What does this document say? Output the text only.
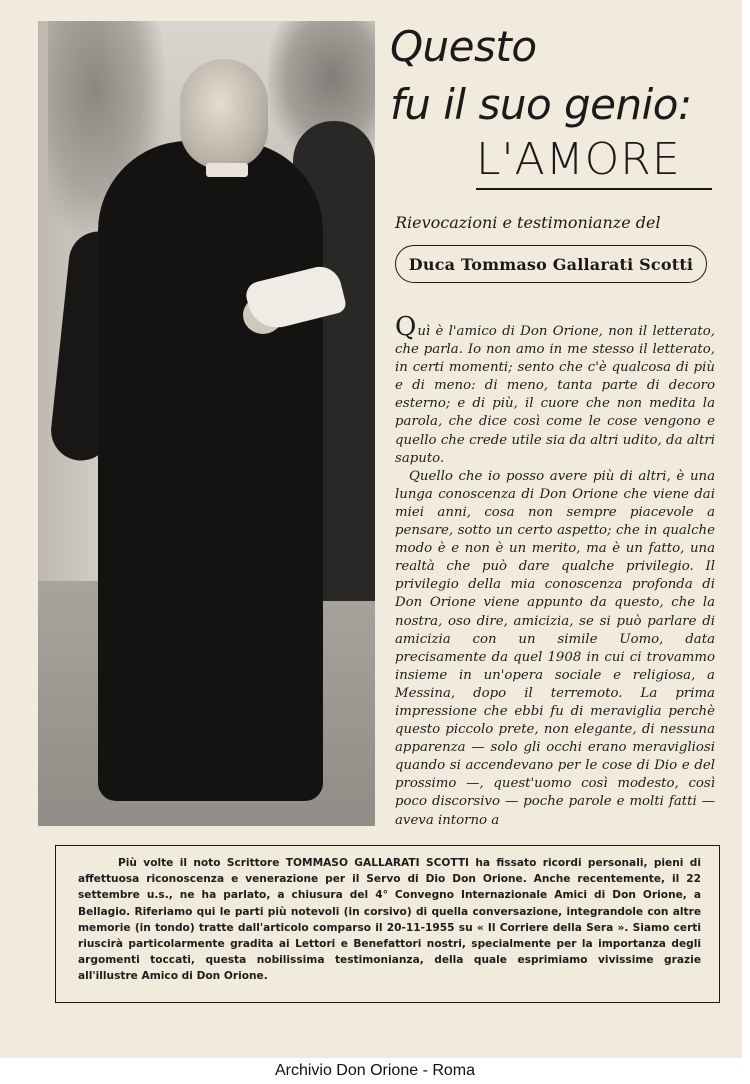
Questo
fu il suo genio:
L'AMORE
Rievocazioni e testimonianze del
Duca Tommaso Gallarati Scotti

Quì è l'amico di Don Orione, non il letterato, che parla. Io non amo in me stesso il letterato, in certi momenti; sento che c'è qualcosa di più e di meno: di meno, tanta parte di decoro esterno; e di più, il cuore che non medita la parola, che dice così come le cose vengono e quello che crede utile sia da altri udito, da altri saputo.

Quello che io posso avere più di altri, è una lunga conoscenza di Don Orione che viene dai miei anni, cosa non sempre piacevole a pensare, sotto un certo aspetto; che in qualche modo è e non è un merito, ma è un fatto, una realtà che può dare qualche privilegio. Il privilegio della mia conoscenza profonda di Don Orione viene appunto da questo, che la nostra, oso dire, amicizia, se si può parlare di amicizia con un simile Uomo, data precisamente da quel 1908 in cui ci trovammo insieme in un'opera sociale e religiosa, a Messina, dopo il terremoto. La prima impressione che ebbi fu di meraviglia perchè questo piccolo prete, non elegante, di nessuna apparenza — solo gli occhi erano meravigliosi quando si accendevano per le cose di Dio e del prossimo —, quest'uomo così modesto, così poco discorsivo — poche parole e molti fatti — aveva intorno a

Più volte il noto Scrittore TOMMASO GALLARATI SCOTTI ha fissato ricordi personali, pieni di affettuosa riconoscenza e venerazione per il Servo di Dio Don Orione. Anche recentemente, il 22 settembre u.s., ne ha parlato, a chiusura del 4° Convegno Internazionale Amici di Don Orione, a Bellagio. Riferiamo qui le parti più notevoli (in corsivo) di quella conversazione, integrandole con altre memorie (in tondo) tratte dall'articolo comparso il 20-11-1955 su « Il Corriere della Sera ». Siamo certi riuscirà particolarmente gradita ai Lettori e Benefattori nostri, specialmente per la importanza degli argomenti toccati, questa nobilissima testimonianza, della quale esprimiamo vivissime grazie all'illustre Amico di Don Orione.

Archivio Don Orione - Roma
